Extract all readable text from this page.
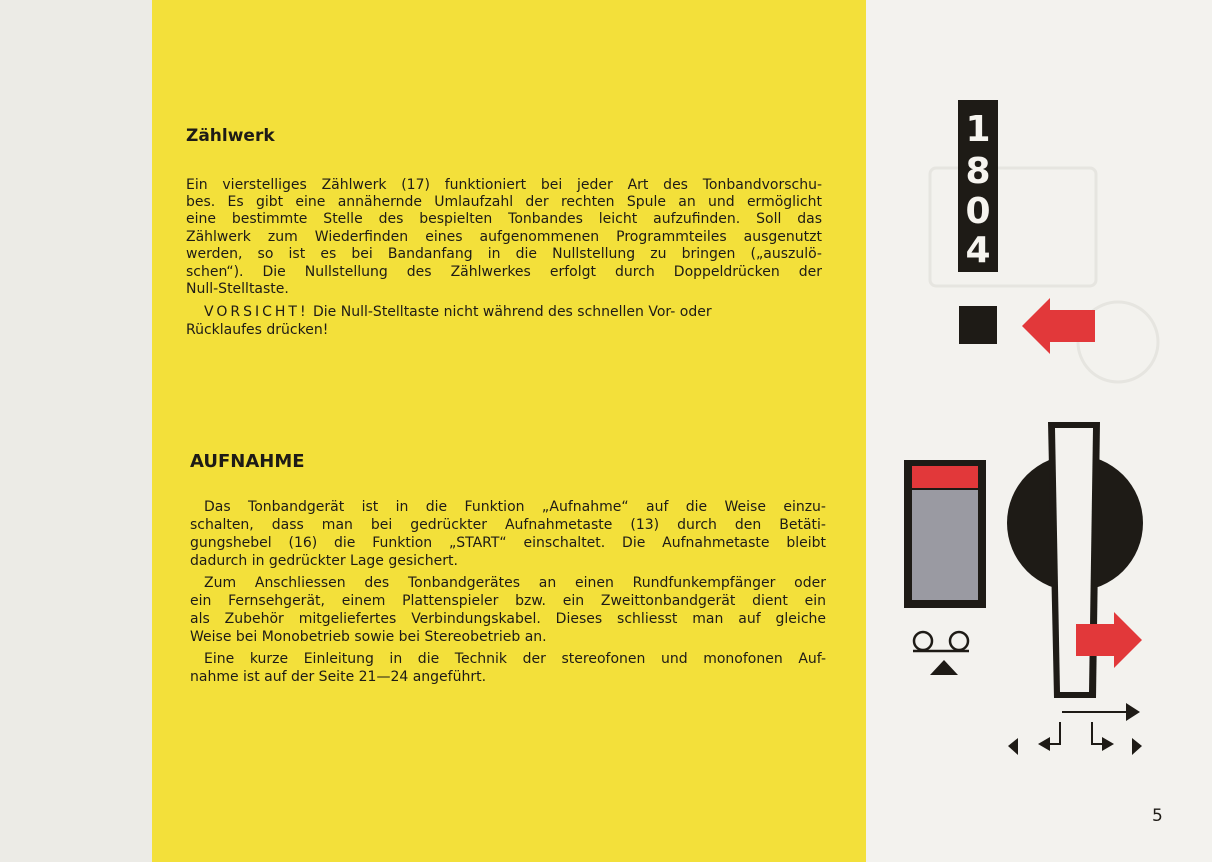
Zählwerk

Ein vierstelliges Zählwerk (17) funktioniert bei jeder Art des Tonbandvorschu-

bes. Es gibt eine annähernde Umlaufzahl der rechten Spule an und ermöglicht

eine bestimmte Stelle des bespielten Tonbandes leicht aufzufinden. Soll das

Zählwerk zum Wiederfinden eines aufgenommenen Programmteiles ausgenutzt

werden, so ist es bei Bandanfang in die Nullstellung zu bringen („auszulö-

schen“). Die Nullstellung des Zählwerkes erfolgt durch Doppeldrücken der

Null-Stelltaste.

VORSICHT! Die Null-Stelltaste nicht während des schnellen Vor- oder

Rücklaufes drücken!

AUFNAHME

Das Tonbandgerät ist in die Funktion „Aufnahme“ auf die Weise einzu-

schalten, dass man bei gedrückter Aufnahmetaste (13) durch den Betäti-

gungshebel (16) die Funktion „START“ einschaltet. Die Aufnahmetaste bleibt

dadurch in gedrückter Lage gesichert.

Zum Anschliessen des Tonbandgerätes an einen Rundfunkempfänger oder

ein Fernsehgerät, einem Plattenspieler bzw. ein Zweittonbandgerät dient ein

als Zubehör mitgeliefertes Verbindungskabel. Dieses schliesst man auf gleiche

Weise bei Monobetrieb sowie bei Stereobetrieb an.

Eine kurze Einleitung in die Technik der stereofonen und monofonen Auf-

nahme ist auf der Seite 21—24 angeführt.

1
8
0
4
5
